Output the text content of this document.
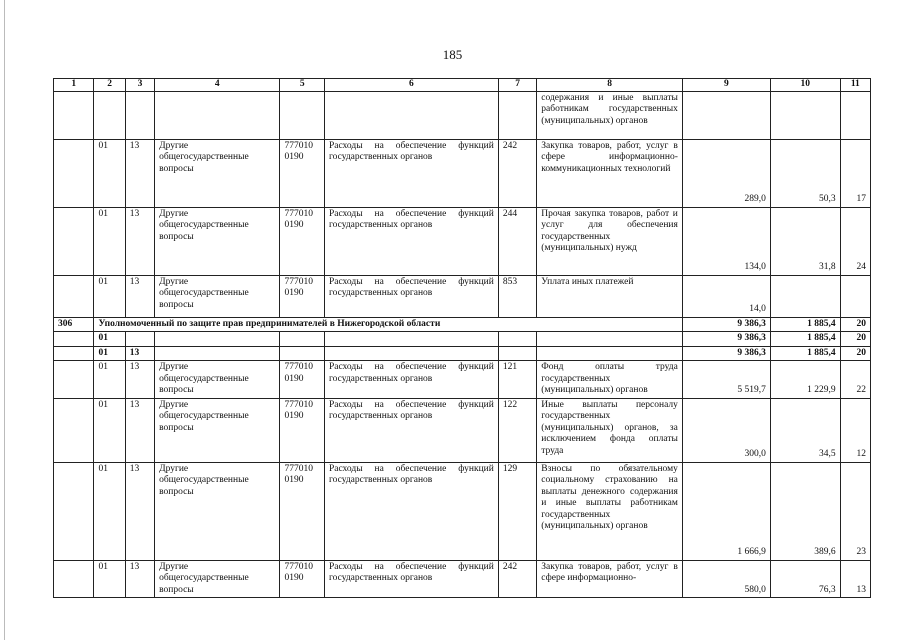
185
1	2	3	4	5	6	7	8	9	10	11
							содержания и иные выплаты работникам государственных (муниципальных) органов			
	01	13	Другие общегосударственные вопросы	777010 0190	Расходы на обеспечение функций государственных органов	242	Закупка товаров, работ, услуг в сфере информационно-коммуникационных технологий	289,0	50,3	17
	01	13	Другие общегосударственные вопросы	777010 0190	Расходы на обеспечение функций государственных органов	244	Прочая закупка товаров, работ и услуг для обеспечения государственных (муниципальных) нужд	134,0	31,8	24
	01	13	Другие общегосударственные вопросы	777010 0190	Расходы на обеспечение функций государственных органов	853	Уплата иных платежей	14,0		
306	Уполномоченный по защите прав предпринимателей в Нижегородской области							9 386,3	1 885,4	20
	01							9 386,3	1 885,4	20
	01	13						9 386,3	1 885,4	20
	01	13	Другие общегосударственные вопросы	777010 0190	Расходы на обеспечение функций государственных органов	121	Фонд оплаты труда государственных (муниципальных) органов	5 519,7	1 229,9	22
	01	13	Другие общегосударственные вопросы	777010 0190	Расходы на обеспечение функций государственных органов	122	Иные выплаты персоналу государственных (муниципальных) органов, за исключением фонда оплаты труда	300,0	34,5	12
	01	13	Другие общегосударственные вопросы	777010 0190	Расходы на обеспечение функций государственных органов	129	Взносы по обязательному социальному страхованию на выплаты денежного содержания и иные выплаты работникам государственных (муниципальных) органов	1 666,9	389,6	23
	01	13	Другие общегосударственные вопросы	777010 0190	Расходы на обеспечение функций государственных органов	242	Закупка товаров, работ, услуг в сфере информационно-	580,0	76,3	13
